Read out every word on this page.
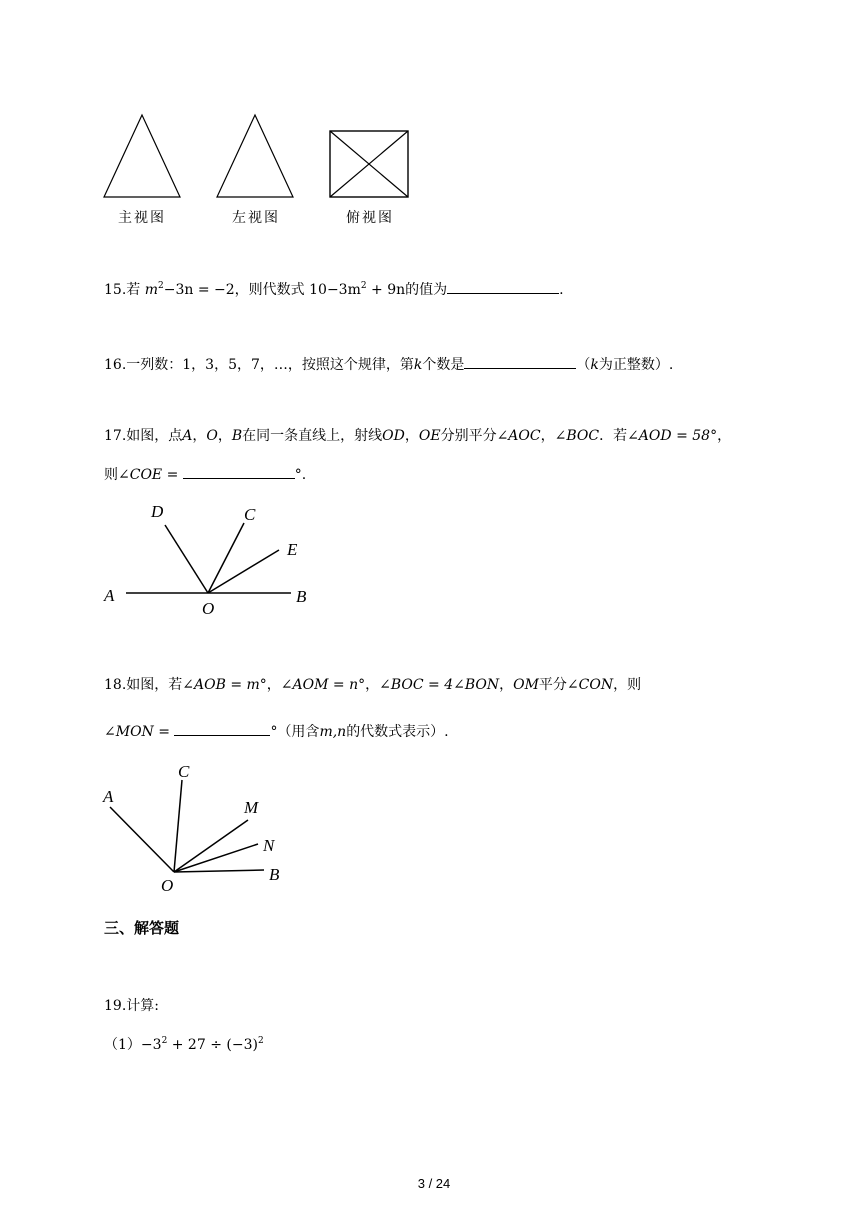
主视图	左视图	俯视图
15.若 $m^2-3n = -2$，则代数式 $10-3m^2 + 9n$的值为	.
16.一列数：1，3，5，7，…，按照这个规律，第k个数是	（k为正整数）.
17.如图，点A，O，B在同一条直线上，射线OD，OE分别平分∠AOC，∠BOC．若∠AOD = 58°，
则∠COE =	°.
D	C
E
A
O
B
18.如图，若∠AOB = m°，∠AOM = n°，∠BOC = 4∠BON，OM平分∠CON，则
∠MON =	°（用含m,n的代数式表示）.
C
A
M
N
O
B
三、解答题
19.计算:
$(1)-3^2 + 27 \div (-3)^2$
3 / 24
